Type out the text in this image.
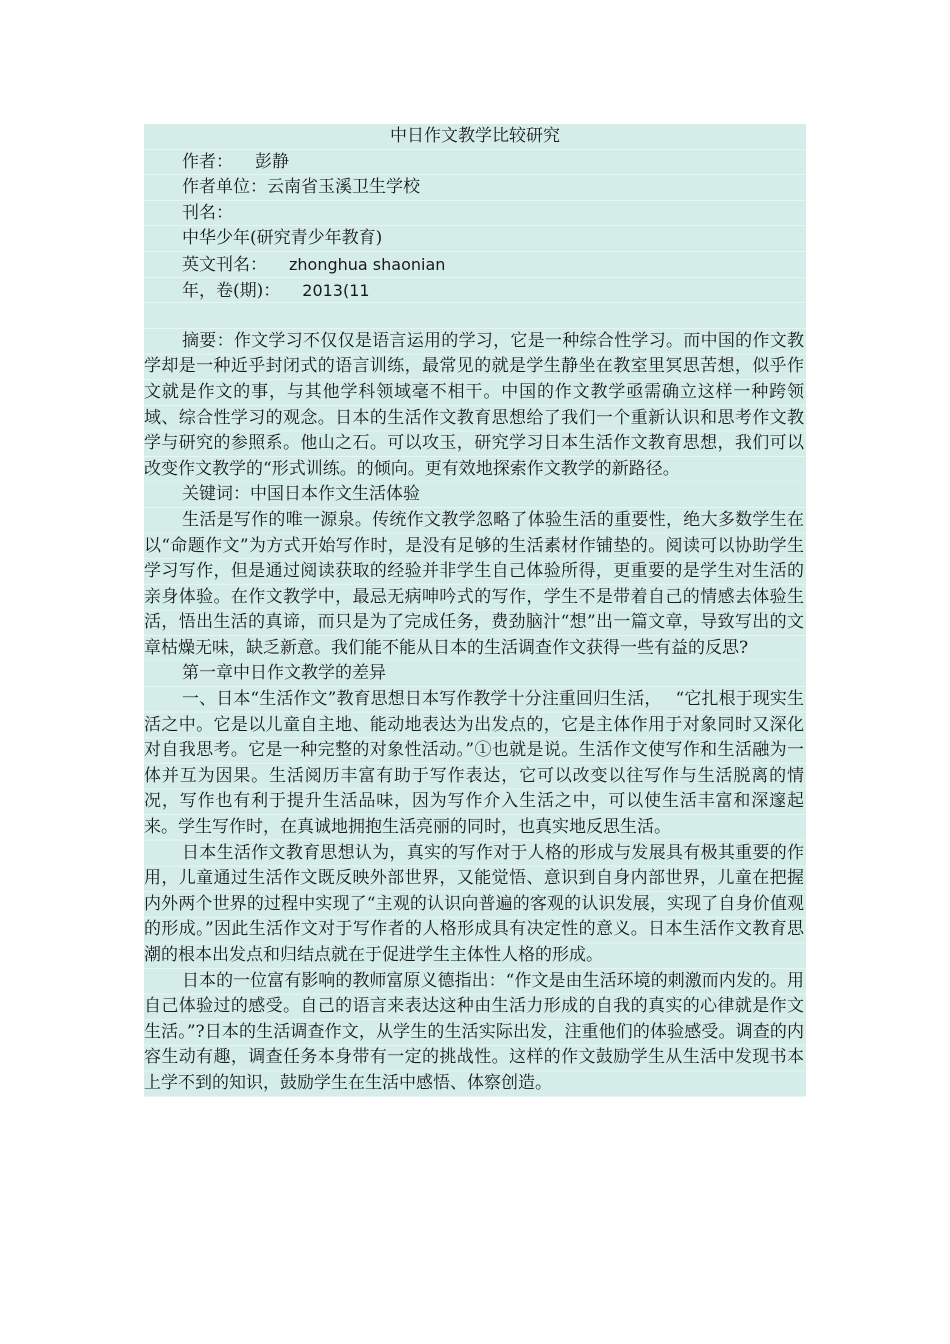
中日作文教学比较研究
作者： 彭静
作者单位：云南省玉溪卫生学校
刊名：
中华少年(研究青少年教育)
英文刊名： zhonghua shaonian
年，卷(期)： 2013(11

摘要：作文学习不仅仅是语言运用的学习，它是一种综合性学习。而中国的作文教学却是一种近乎封闭式的语言训练，最常见的就是学生静坐在教室里冥思苦想，似乎作文就是作文的事，与其他学科领域毫不相干。中国的作文教学亟需确立这样一种跨领域、综合性学习的观念。日本的生活作文教育思想给了我们一个重新认识和思考作文教学与研究的参照系。他山之石。可以攻玉，研究学习日本生活作文教育思想，我们可以改变作文教学的“形式训练。的倾向。更有效地探索作文教学的新路径。

关键词：中国日本作文生活体验

生活是写作的唯一源泉。传统作文教学忽略了体验生活的重要性，绝大多数学生在以“命题作文”为方式开始写作时，是没有足够的生活素材作铺垫的。阅读可以协助学生学习写作，但是通过阅读获取的经验并非学生自己体验所得，更重要的是学生对生活的亲身体验。在作文教学中，最忌无病呻吟式的写作，学生不是带着自己的情感去体验生活，悟出生活的真谛，而只是为了完成任务，费劲脑汁“想”出一篇文章，导致写出的文章枯燥无味，缺乏新意。我们能不能从日本的生活调查作文获得一些有益的反思?

第一章中日作文教学的差异

一、日本“生活作文”教育思想日本写作教学十分注重回归生活，　 “它扎根于现实生活之中。它是以儿童自主地、能动地表达为出发点的，它是主体作用于对象同时又深化对自我思考。它是一种完整的对象性活动。”①也就是说。生活作文使写作和生活融为一体并互为因果。生活阅历丰富有助于写作表达，它可以改变以往写作与生活脱离的情况，写作也有利于提升生活品味，因为写作介入生活之中，可以使生活丰富和深邃起来。学生写作时，在真诚地拥抱生活亮丽的同时，也真实地反思生活。

日本生活作文教育思想认为，真实的写作对于人格的形成与发展具有极其重要的作用，儿童通过生活作文既反映外部世界，又能觉悟、意识到自身内部世界，儿童在把握内外两个世界的过程中实现了“主观的认识向普遍的客观的认识发展，实现了自身价值观的形成。”因此生活作文对于写作者的人格形成具有决定性的意义。日本生活作文教育思潮的根本出发点和归结点就在于促进学生主体性人格的形成。

日本的一位富有影响的教师富原义德指出：“作文是由生活环境的刺激而内发的。用自己体验过的感受。自己的语言来表达这种由生活力形成的自我的真实的心律就是作文生活。”?日本的生活调查作文，从学生的生活实际出发，注重他们的体验感受。调查的内容生动有趣，调查任务本身带有一定的挑战性。这样的作文鼓励学生从生活中发现书本上学不到的知识，鼓励学生在生活中感悟、体察创造。
